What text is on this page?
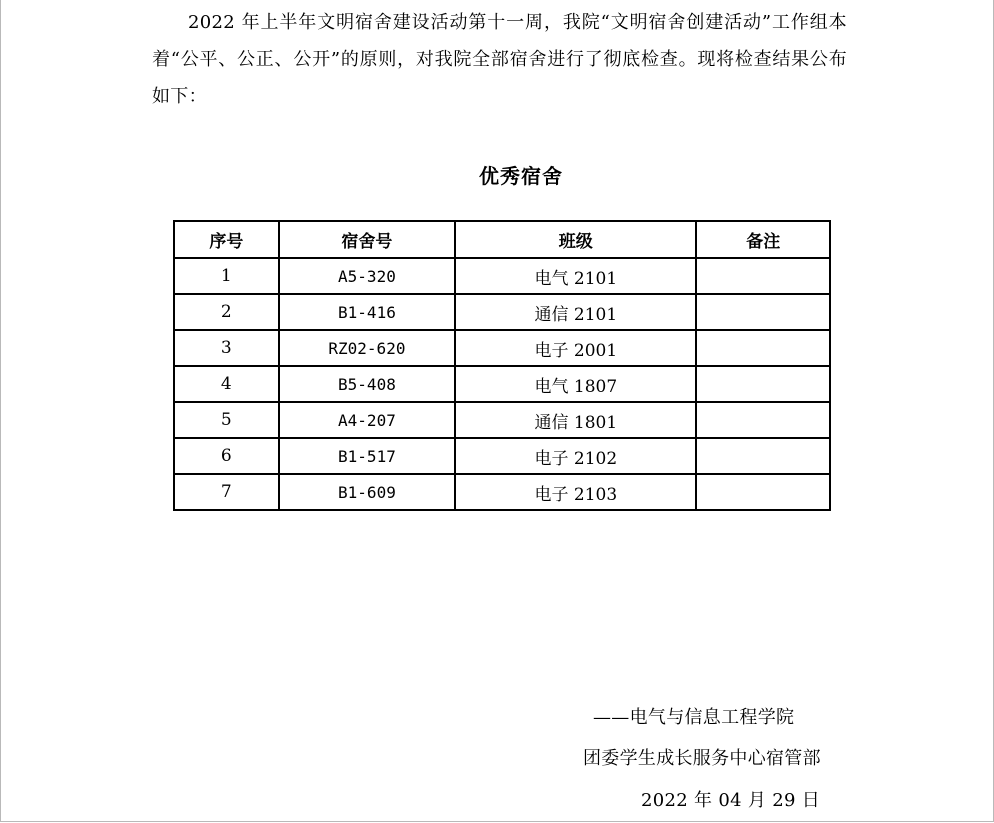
2022 年上半年文明宿舍建设活动第十一周，我院“文明宿舍创建活动”工作组本着“公平、公正、公开”的原则，对我院全部宿舍进行了彻底检查。现将检查结果公布如下：

优秀宿舍
序号	宿舍号	班级	备注
1	A5-320	电气 2101	
2	B1-416	通信 2101	
3	RZ02-620	电子 2001	
4	B5-408	电气 1807	
5	A4-207	通信 1801	
6	B1-517	电子 2102	
7	B1-609	电子 2103	
——电气与信息工程学院
团委学生成长服务中心宿管部
2022 年 04 月 29 日
